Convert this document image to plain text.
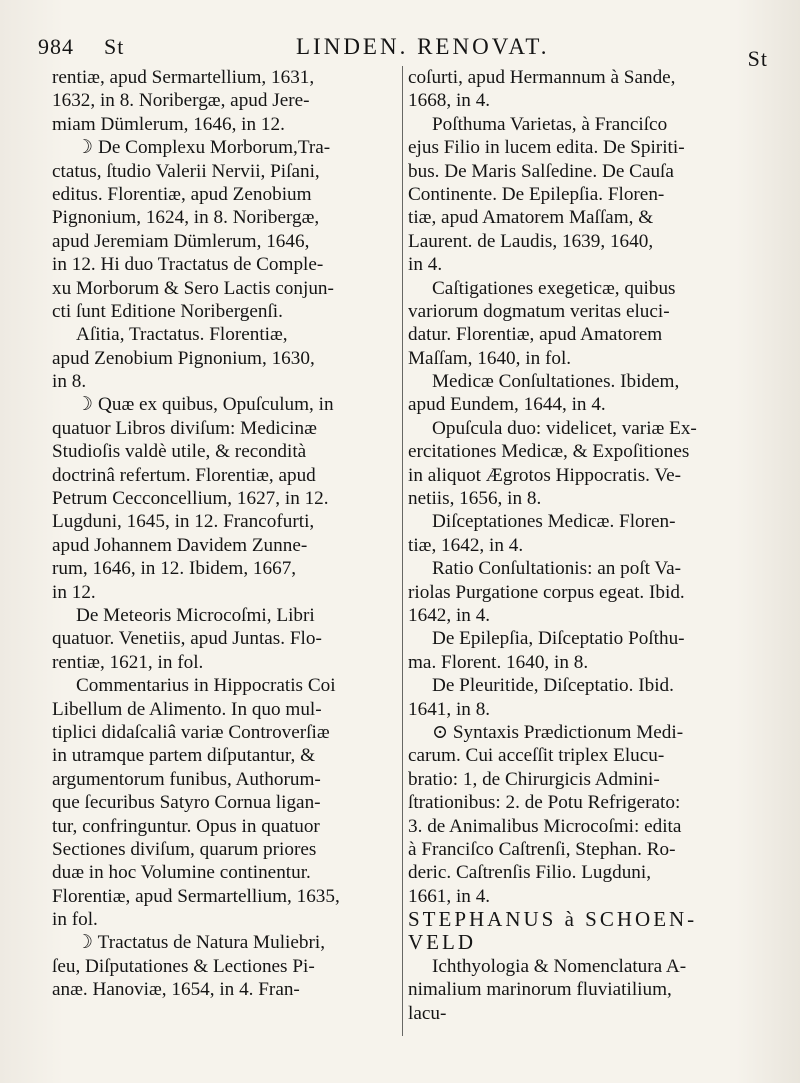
984 St	LINDEN. RENOVAT.	St
rentiæ, apud Sermartellium, 1631,
1632, in 8. Noribergæ, apud Jere-
miam Dümlerum, 1646, in 12.
☽ De Complexu Morborum,Tra-
ctatus, ſtudio Valerii Nervii, Piſani,
editus. Florentiæ, apud Zenobium
Pignonium, 1624, in 8. Noribergæ,
apud Jeremiam Dümlerum, 1646,
in 12. Hi duo Tractatus de Comple-
xu Morborum & Sero Lactis conjun-
cti ſunt Editione Noribergenſi.
Aſitia, Tractatus. Florentiæ,
apud Zenobium Pignonium, 1630,
in 8.
☽ Quæ ex quibus, Opuſculum, in
quatuor Libros diviſum: Medicinæ
Studioſis valdè utile, & recondità
doctrinâ refertum. Florentiæ, apud
Petrum Cecconcellium, 1627, in 12.
Lugduni, 1645, in 12. Francofurti,
apud Johannem Davidem Zunne-
rum, 1646, in 12. Ibidem, 1667,
in 12.
De Meteoris Microcoſmi, Libri
quatuor. Venetiis, apud Juntas. Flo-
rentiæ, 1621, in fol.
Commentarius in Hippocratis Coi
Libellum de Alimento. In quo mul-
tiplici didaſcaliâ variæ Controverſiæ
in utramque partem diſputantur, &
argumentorum funibus, Authorum-
que ſecuribus Satyro Cornua ligan-
tur, confringuntur. Opus in quatuor
Sectiones diviſum, quarum priores
duæ in hoc Volumine continentur.
Florentiæ, apud Sermartellium, 1635,
in fol.
☽ Tractatus de Natura Muliebri,
ſeu, Diſputationes & Lectiones Pi-
anæ. Hanoviæ, 1654, in 4. Fran-
coſurti, apud Hermannum à Sande,
1668, in 4.
Poſthuma Varietas, à Franciſco
ejus Filio in lucem edita. De Spiriti-
bus. De Maris Salſedine. De Cauſa
Continente. De Epilepſia. Floren-
tiæ, apud Amatorem Maſſam, &
Laurent. de Laudis, 1639, 1640,
in 4.
Caſtigationes exegeticæ, quibus
variorum dogmatum veritas eluci-
datur. Florentiæ, apud Amatorem
Maſſam, 1640, in fol.
Medicæ Conſultationes. Ibidem,
apud Eundem, 1644, in 4.
Opuſcula duo: videlicet, variæ Ex-
ercitationes Medicæ, & Expoſitiones
in aliquot Ægrotos Hippocratis. Ve-
netiis, 1656, in 8.
Diſceptationes Medicæ. Floren-
tiæ, 1642, in 4.
Ratio Conſultationis: an poſt Va-
riolas Purgatione corpus egeat. Ibid.
1642, in 4.
De Epilepſia, Diſceptatio Poſthu-
ma. Florent. 1640, in 8.
De Pleuritide, Diſceptatio. Ibid.
1641, in 8.
⊙ Syntaxis Prædictionum Medi-
carum. Cui acceſſit triplex Elucu-
bratio: 1, de Chirurgicis Admini-
ſtrationibus: 2. de Potu Refrigerato:
3. de Animalibus Microcoſmi: edita
à Franciſco Caſtrenſi, Stephan. Ro-
deric. Caſtrenſis Filio. Lugduni,
1661, in 4.
STEPHANUS à SCHOEN-
VELD
Ichthyologia & Nomenclatura A-
nimalium marinorum fluviatilium,
lacu-
